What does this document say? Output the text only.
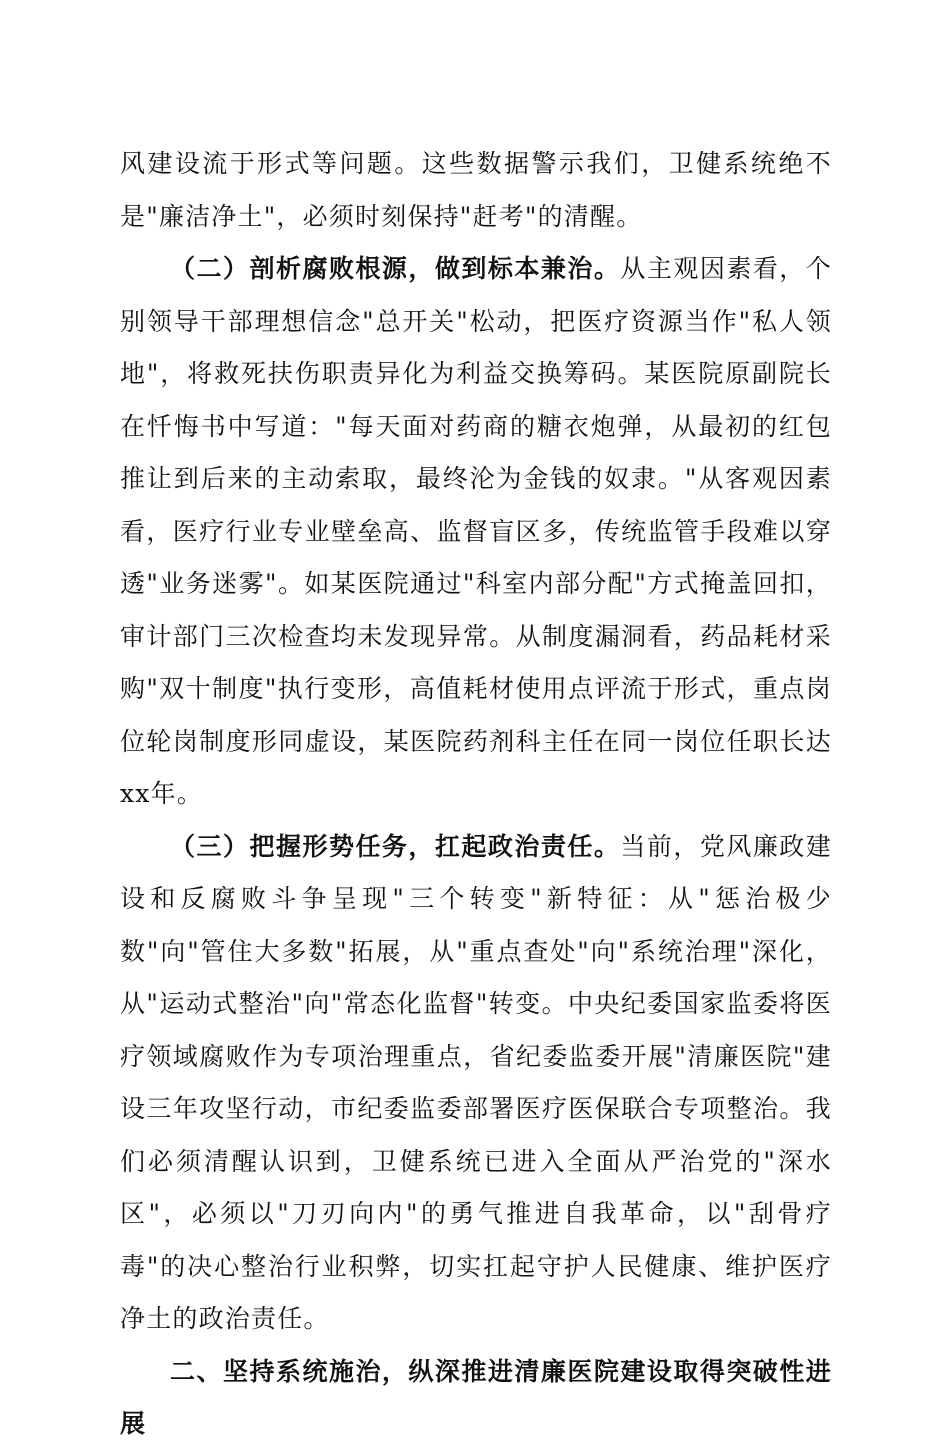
风建设流于形式等问题。这些数据警示我们，卫健系统绝不是"廉洁净土"，必须时刻保持"赶考"的清醒。

（二）剖析腐败根源，做到标本兼治。从主观因素看，个别领导干部理想信念"总开关"松动，把医疗资源当作"私人领地"，将救死扶伤职责异化为利益交换筹码。某医院原副院长在忏悔书中写道："每天面对药商的糖衣炮弹，从最初的红包推让到后来的主动索取，最终沦为金钱的奴隶。"从客观因素看，医疗行业专业壁垒高、监督盲区多，传统监管手段难以穿透"业务迷雾"。如某医院通过"科室内部分配"方式掩盖回扣，审计部门三次检查均未发现异常。从制度漏洞看，药品耗材采购"双十制度"执行变形，高值耗材使用点评流于形式，重点岗位轮岗制度形同虚设，某医院药剂科主任在同一岗位任职长达xx年。

（三）把握形势任务，扛起政治责任。当前，党风廉政建设和反腐败斗争呈现"三个转变"新特征：从"惩治极少数"向"管住大多数"拓展，从"重点查处"向"系统治理"深化，从"运动式整治"向"常态化监督"转变。中央纪委国家监委将医疗领域腐败作为专项治理重点，省纪委监委开展"清廉医院"建设三年攻坚行动，市纪委监委部署医疗医保联合专项整治。我们必须清醒认识到，卫健系统已进入全面从严治党的"深水区"，必须以"刀刃向内"的勇气推进自我革命，以"刮骨疗毒"的决心整治行业积弊，切实扛起守护人民健康、维护医疗净土的政治责任。

二、坚持系统施治，纵深推进清廉医院建设取得突破性进展
